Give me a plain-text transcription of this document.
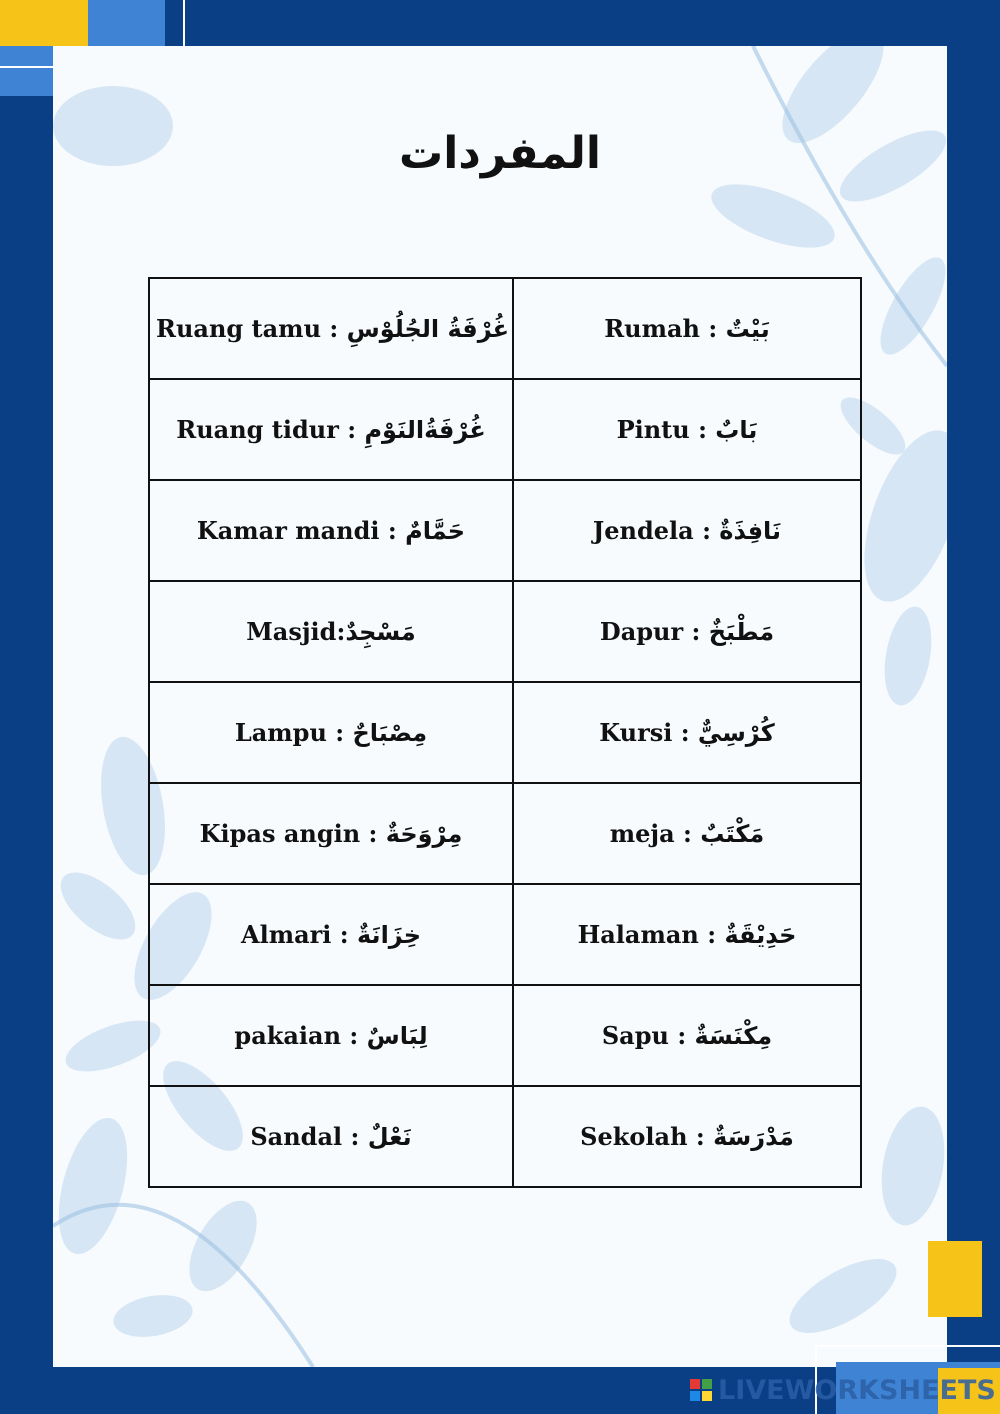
المفردات
Ruang tamu : غُرْفَةُ الجُلُوْسِ	Rumah : بَيْتٌ
Ruang tidur : غُرْفَةُالنَوْمِ	Pintu : بَابٌ
Kamar mandi : حَمَّامٌ	Jendela : نَافِذَةٌ
Masjid:مَسْجِدٌ	Dapur : مَطْبَخٌ
Lampu : مِصْبَاحٌ	Kursi : كُرْسِيٌّ
Kipas angin : مِرْوَحَةٌ	meja : مَكْتَبٌ
Almari : خِزَانَةٌ	Halaman : حَدِيْقَةٌ
pakaian : لِبَاسٌ	Sapu : مِكْنَسَةٌ
Sandal : نَعْلٌ	Sekolah : مَدْرَسَةٌ
LIVEWORKSHEETS
